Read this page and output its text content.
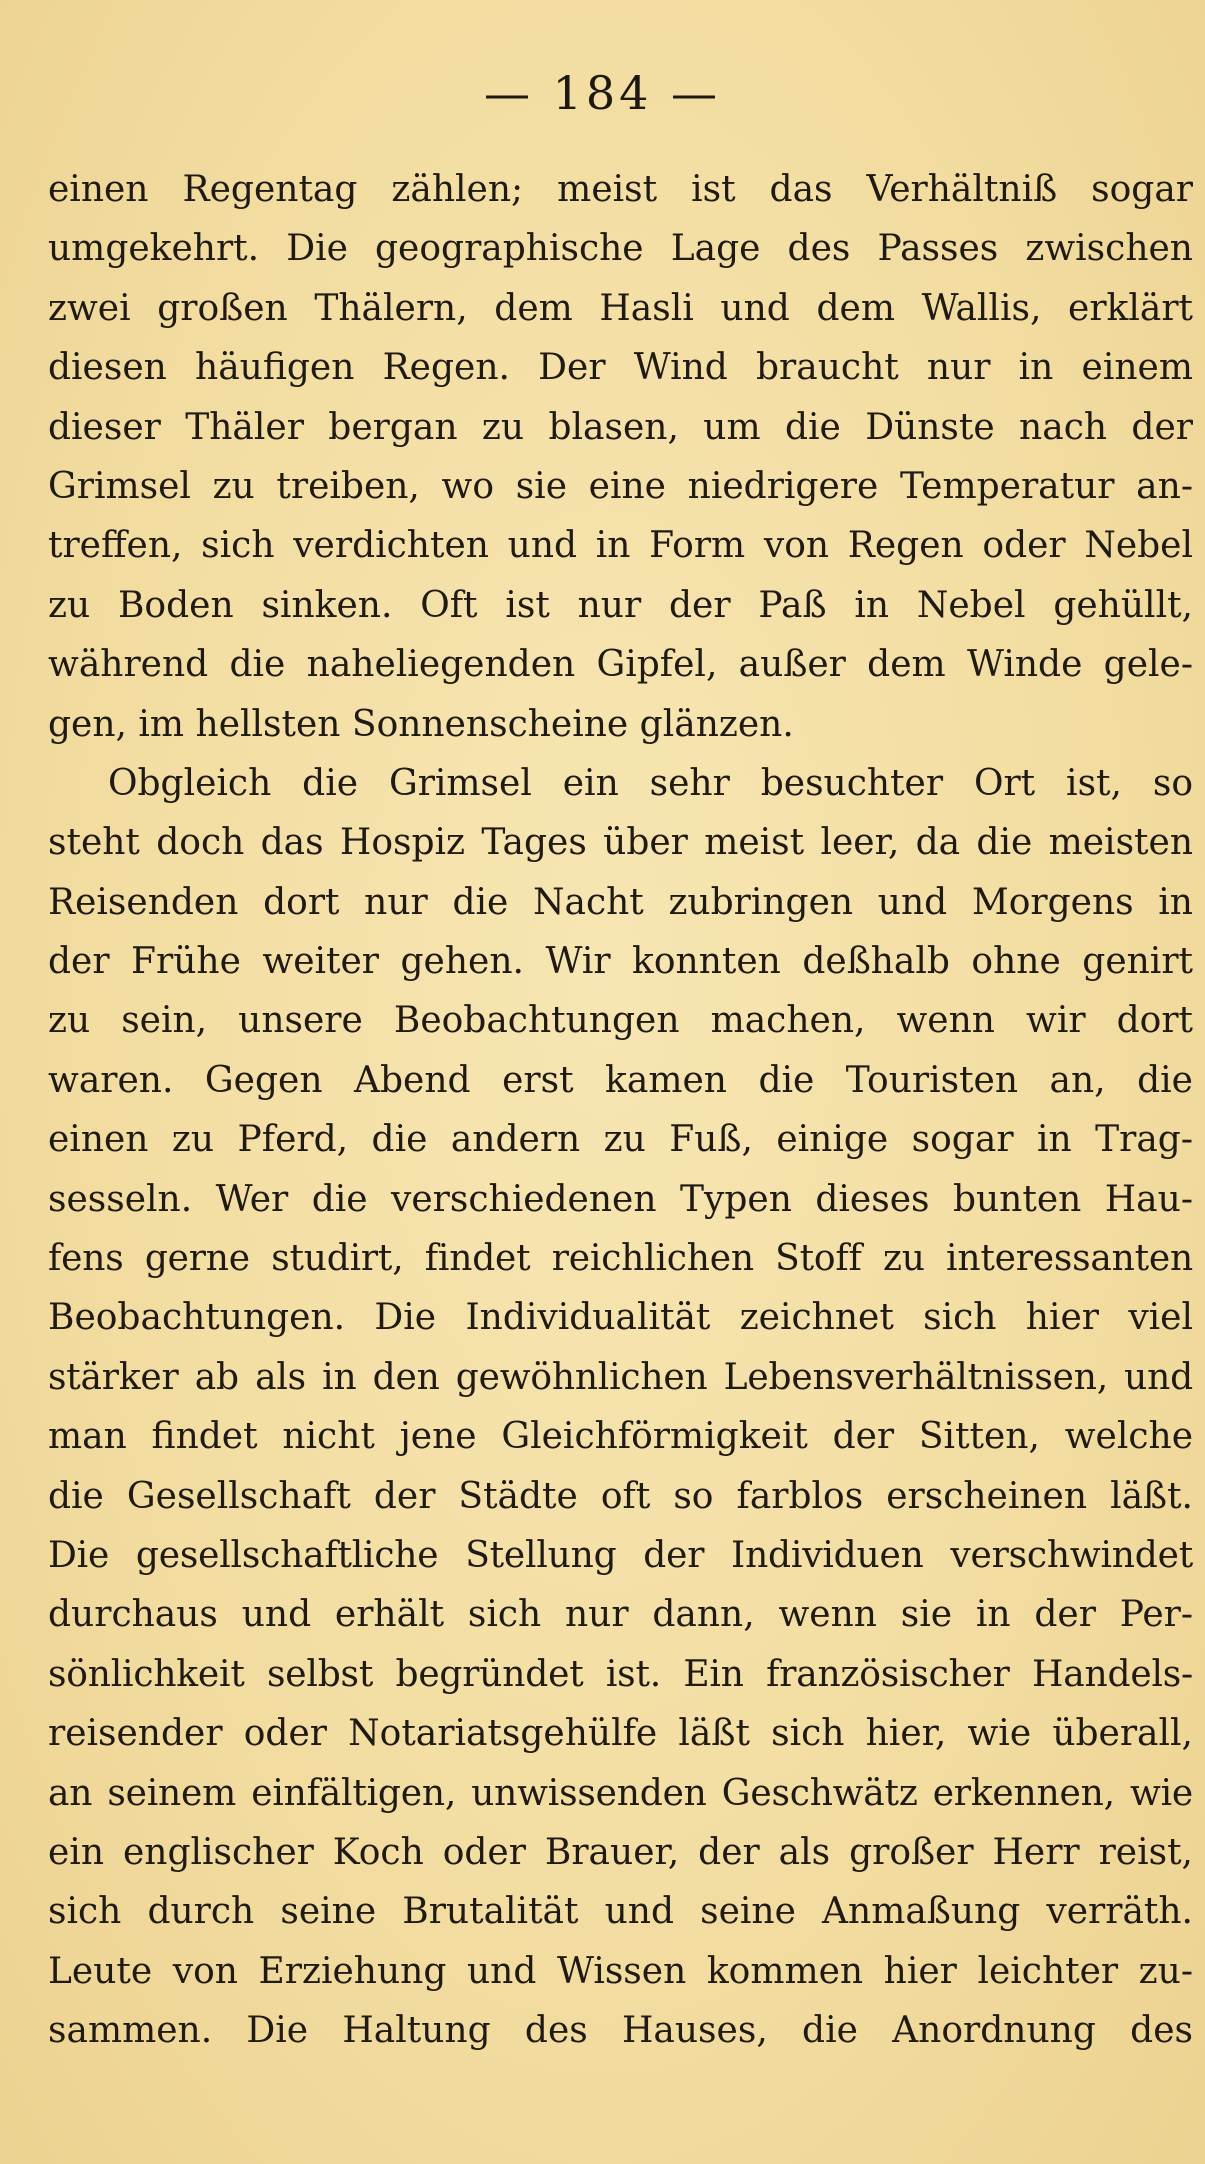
— 184 —
einen Regentag zählen; meist ist das Verhältniß sogar
umgekehrt. Die geographische Lage des Passes zwischen
zwei großen Thälern, dem Hasli und dem Wallis, erklärt
diesen häufigen Regen. Der Wind braucht nur in einem
dieser Thäler bergan zu blasen, um die Dünste nach der
Grimsel zu treiben, wo sie eine niedrigere Temperatur an-
treffen, sich verdichten und in Form von Regen oder Nebel
zu Boden sinken. Oft ist nur der Paß in Nebel gehüllt,
während die naheliegenden Gipfel, außer dem Winde gele-
gen, im hellsten Sonnenscheine glänzen.
Obgleich die Grimsel ein sehr besuchter Ort ist, so
steht doch das Hospiz Tages über meist leer, da die meisten
Reisenden dort nur die Nacht zubringen und Morgens in
der Frühe weiter gehen. Wir konnten deßhalb ohne genirt
zu sein, unsere Beobachtungen machen, wenn wir dort
waren. Gegen Abend erst kamen die Touristen an, die
einen zu Pferd, die andern zu Fuß, einige sogar in Trag-
sesseln. Wer die verschiedenen Typen dieses bunten Hau-
fens gerne studirt, findet reichlichen Stoff zu interessanten
Beobachtungen. Die Individualität zeichnet sich hier viel
stärker ab als in den gewöhnlichen Lebensverhältnissen, und
man findet nicht jene Gleichförmigkeit der Sitten, welche
die Gesellschaft der Städte oft so farblos erscheinen läßt.
Die gesellschaftliche Stellung der Individuen verschwindet
durchaus und erhält sich nur dann, wenn sie in der Per-
sönlichkeit selbst begründet ist. Ein französischer Handels-
reisender oder Notariatsgehülfe läßt sich hier, wie überall,
an seinem einfältigen, unwissenden Geschwätz erkennen, wie
ein englischer Koch oder Brauer, der als großer Herr reist,
sich durch seine Brutalität und seine Anmaßung verräth.
Leute von Erziehung und Wissen kommen hier leichter zu-
sammen. Die Haltung des Hauses, die Anordnung des
